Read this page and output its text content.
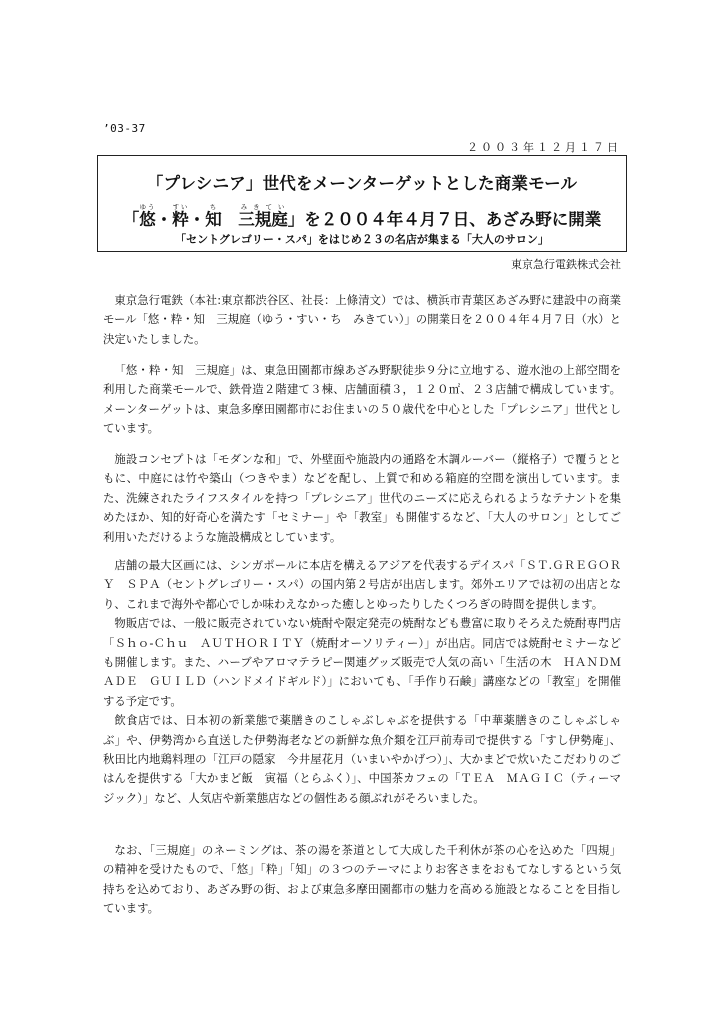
’03-37
２００３年１２月１７日
「プレシニア」世代をメーンターゲットとした商業モール
「悠ゆう・粋すい・知ち　三規庭みきてい」を２００４年４月７日、あざみ野に開業
「セントグレゴリー・スパ」をはじめ２３の名店が集まる「大人のサロン」
東京急行電鉄株式会社

東京急行電鉄（本社:東京都渋谷区、社長：上條清文）では、横浜市青葉区あざみ野に建設中の商業モール「悠・粋・知　三規庭（ゆう・すい・ち　みきてい）」の開業日を２００４年４月７日（水）と決定いたしました。

「悠・粋・知　三規庭」は、東急田園都市線あざみ野駅徒歩９分に立地する、遊水池の上部空間を利用した商業モールで、鉄骨造２階建て３棟、店舗面積３，１２０㎡、２３店舗で構成しています。メーンターゲットは、東急多摩田園都市にお住まいの５０歳代を中心とした「プレシニア」世代としています。

施設コンセプトは「モダンな和」で、外壁面や施設内の通路を木調ルーバー（縦格子）で覆うとともに、中庭には竹や築山（つきやま）などを配し、上質で和める箱庭的空間を演出しています。また、洗練されたライフスタイルを持つ「プレシニア」世代のニーズに応えられるようなテナントを集めたほか、知的好奇心を満たす「セミナー」や「教室」も開催するなど、「大人のサロン」としてご利用いただけるような施設構成としています。

店舗の最大区画には、シンガポールに本店を構えるアジアを代表するデイスパ「ＳＴ.ＧＲＥＧＯＲＹ　ＳＰＡ（セントグレゴリー・スパ）の国内第２号店が出店します。郊外エリアでは初の出店となり、これまで海外や都心でしか味わえなかった癒しとゆったりしたくつろぎの時間を提供します。

物販店では、一般に販売されていない焼酎や限定発売の焼酎なども豊富に取りそろえた焼酎専門店「Ｓｈｏ-Ｃｈｕ　ＡＵＴＨＯＲＩＴＹ（焼酎オーソリティー）」が出店。同店では焼酎セミナーなども開催します。また、ハーブやアロマテラピー関連グッズ販売で人気の高い「生活の木　ＨＡＮＤＭＡＤＥ　ＧＵＩＬＤ（ハンドメイドギルド）」においても、「手作り石鹸」講座などの「教室」を開催する予定です。

飲食店では、日本初の新業態で薬膳きのこしゃぶしゃぶを提供する「中華薬膳きのこしゃぶしゃぶ」や、伊勢湾から直送した伊勢海老などの新鮮な魚介類を江戸前寿司で提供する「すし伊勢庵」、秋田比内地鶏料理の「江戸の隠家　今井屋花月（いまいやかげつ）」、大かまどで炊いたこだわりのごはんを提供する「大かまど飯　寅福（とらふく）」、中国茶カフェの「ＴＥＡ　ＭＡＧＩＣ（ティーマジック）」など、人気店や新業態店などの個性ある顔ぶれがそろいました。

なお、「三規庭」のネーミングは、茶の湯を茶道として大成した千利休が茶の心を込めた「四規」の精神を受けたもので、「悠」「粋」「知」の３つのテーマによりお客さまをおもてなしするという気持ちを込めており、あざみ野の街、および東急多摩田園都市の魅力を高める施設となることを目指しています。
